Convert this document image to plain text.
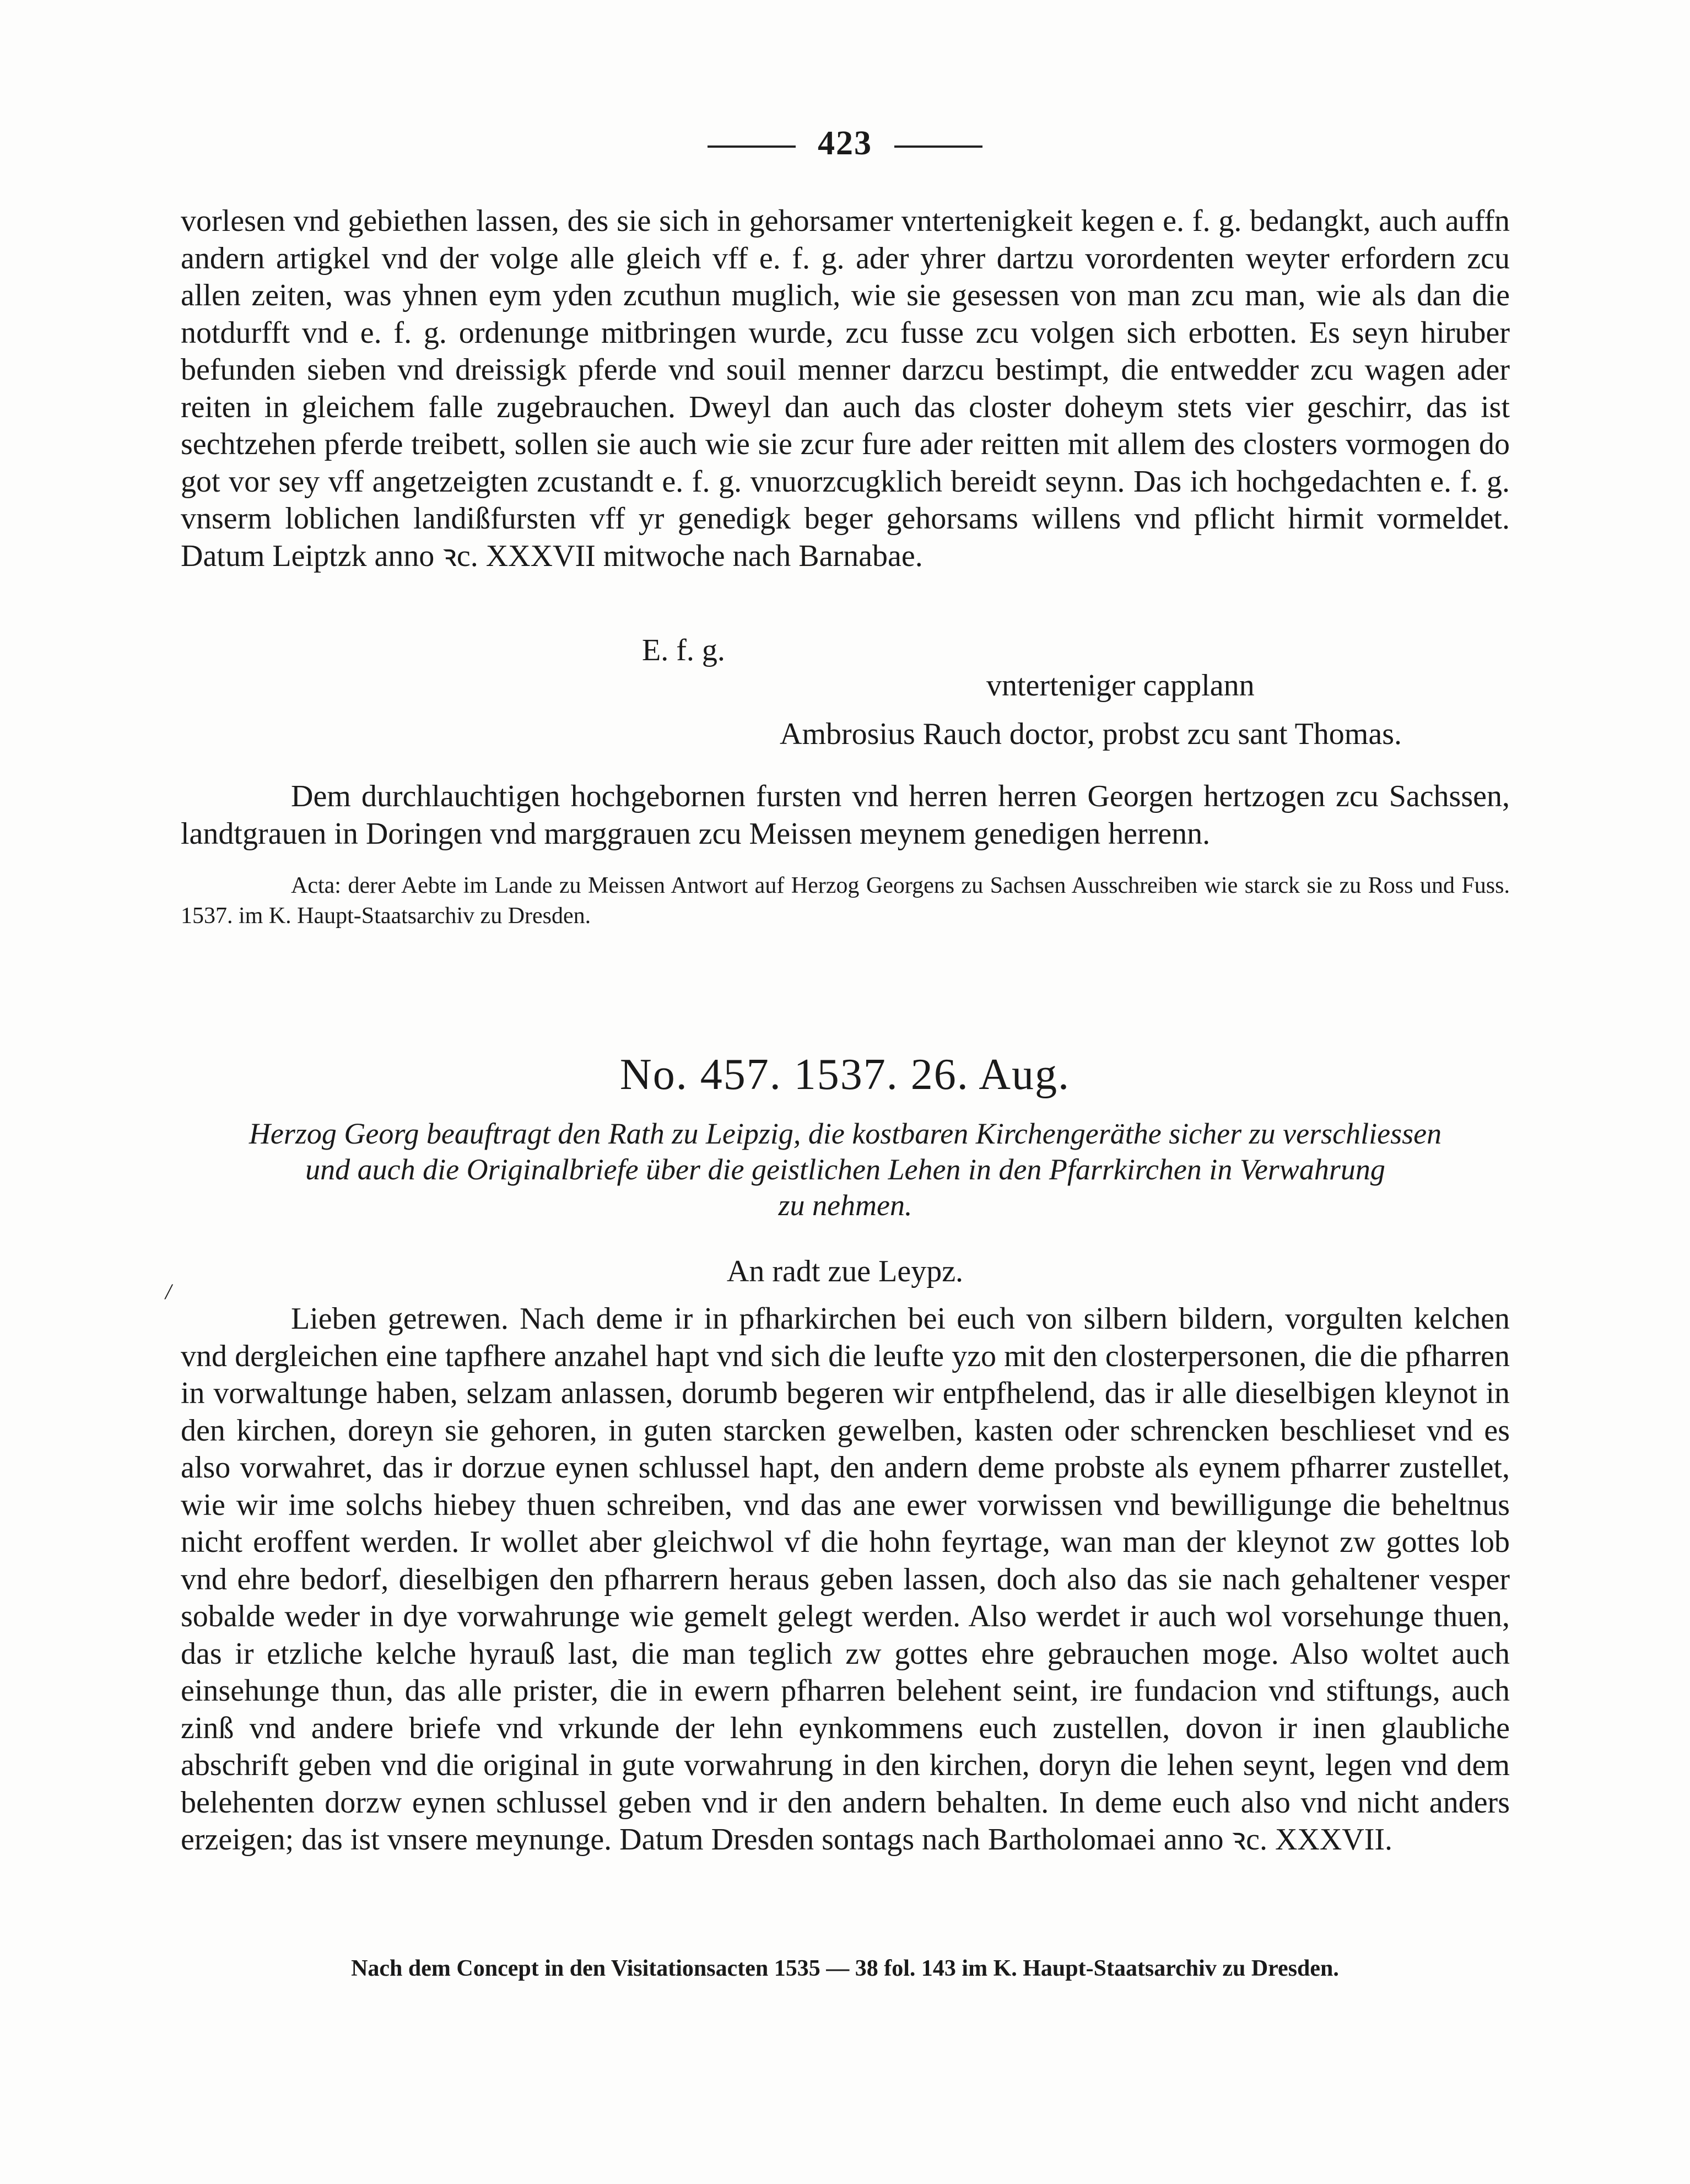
423

vorlesen vnd gebiethen lassen, des sie sich in gehorsamer vntertenigkeit kegen e. f. g. bedangkt, auch auffn andern artigkel vnd der volge alle gleich vff e. f. g. ader yhrer dartzu vorordenten weyter erfordern zcu allen zeiten, was yhnen eym yden zcuthun muglich, wie sie gesessen von man zcu man, wie als dan die notdurfft vnd e. f. g. ordenunge mitbringen wurde, zcu fusse zcu volgen sich erbotten. Es seyn hiruber befunden sieben vnd dreissigk pferde vnd souil menner darzcu bestimpt, die entwedder zcu wagen ader reiten in gleichem falle zugebrauchen. Dweyl dan auch das closter doheym stets vier geschirr, das ist sechtzehen pferde treibett, sollen sie auch wie sie zcur fure ader reitten mit allem des closters vormogen do got vor sey vff angetzeigten zcustandt e. f. g. vnuorzcugklich bereidt seynn. Das ich hochgedachten e. f. g. vnserm loblichen landißfursten vff yr genedigk beger gehorsams willens vnd pflicht hirmit vormeldet. Datum Leiptzk anno ꝛc. XXXVII mitwoche nach Barnabae.

E. f. g.
vnterteniger capplann
Ambrosius Rauch doctor, probst zcu sant Thomas.

Dem durchlauchtigen hochgebornen fursten vnd herren herren Georgen hertzogen zcu Sachssen, landtgrauen in Doringen vnd marggrauen zcu Meissen meynem genedigen herrenn.

Acta: derer Aebte im Lande zu Meissen Antwort auf Herzog Georgens zu Sachsen Ausschreiben wie starck sie zu Ross und Fuss. 1537. im K. Haupt-Staatsarchiv zu Dresden.

No. 457. 1537. 26. Aug.
Herzog Georg beauftragt den Rath zu Leipzig, die kostbaren Kirchengeräthe sicher zu verschliessen
und auch die Originalbriefe über die geistlichen Lehen in den Pfarrkirchen in Verwahrung
zu nehmen.
/
An radt zue Leypz.

Lieben getrewen. Nach deme ir in pfharkirchen bei euch von silbern bildern, vorgulten kelchen vnd dergleichen eine tapfhere anzahel hapt vnd sich die leufte yzo mit den closterpersonen, die die pfharren in vorwaltunge haben, selzam anlassen, dorumb begeren wir entpfhelend, das ir alle dieselbigen kleynot in den kirchen, doreyn sie gehoren, in guten starcken gewelben, kasten oder schrencken beschlieset vnd es also vorwahret, das ir dorzue eynen schlussel hapt, den andern deme probste als eynem pfharrer zustellet, wie wir ime solchs hiebey thuen schreiben, vnd das ane ewer vorwissen vnd bewilligunge die beheltnus nicht eroffent werden. Ir wollet aber gleichwol vf die hohn feyrtage, wan man der kleynot zw gottes lob vnd ehre bedorf, dieselbigen den pfharrern heraus geben lassen, doch also das sie nach gehaltener vesper sobalde weder in dye vorwahrunge wie gemelt gelegt werden. Also werdet ir auch wol vorsehunge thuen, das ir etzliche kelche hyrauß last, die man teglich zw gottes ehre gebrauchen moge. Also woltet auch einsehunge thun, das alle prister, die in ewern pfharren belehent seint, ire fundacion vnd stiftungs, auch zinß vnd andere briefe vnd vrkunde der lehn eynkommens euch zustellen, dovon ir inen glaubliche abschrift geben vnd die original in gute vorwahrung in den kirchen, doryn die lehen seynt, legen vnd dem belehenten dorzw eynen schlussel geben vnd ir den andern behalten. In deme euch also vnd nicht anders erzeigen; das ist vnsere meynunge. Datum Dresden sontags nach Bartholomaei anno ꝛc. XXXVII.

Nach dem Concept in den Visitationsacten 1535 — 38 fol. 143 im K. Haupt-Staatsarchiv zu Dresden.
